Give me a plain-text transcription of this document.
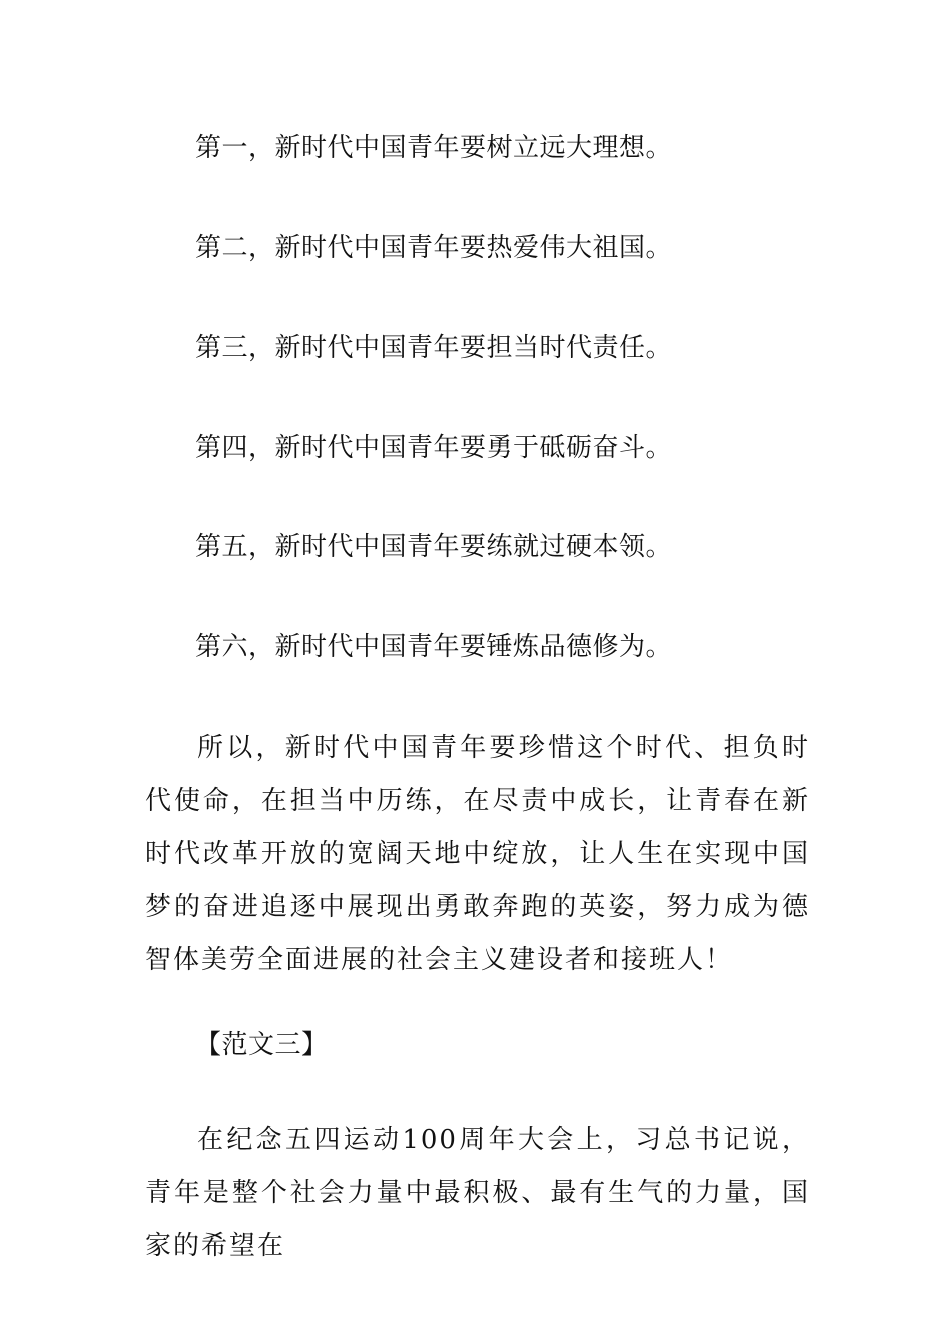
第一，新时代中国青年要树立远大理想。
第二，新时代中国青年要热爱伟大祖国。
第三，新时代中国青年要担当时代责任。
第四，新时代中国青年要勇于砥砺奋斗。
第五，新时代中国青年要练就过硬本领。
第六，新时代中国青年要锤炼品德修为。
所以，新时代中国青年要珍惜这个时代、担负时代使命，在担当中历练，在尽责中成长，让青春在新时代改革开放的宽阔天地中绽放，让人生在实现中国梦的奋进追逐中展现出勇敢奔跑的英姿，努力成为德智体美劳全面进展的社会主义建设者和接班人！
【范文三】
在纪念五四运动100周年大会上，习总书记说，青年是整个社会力量中最积极、最有生气的力量，国家的希望在
